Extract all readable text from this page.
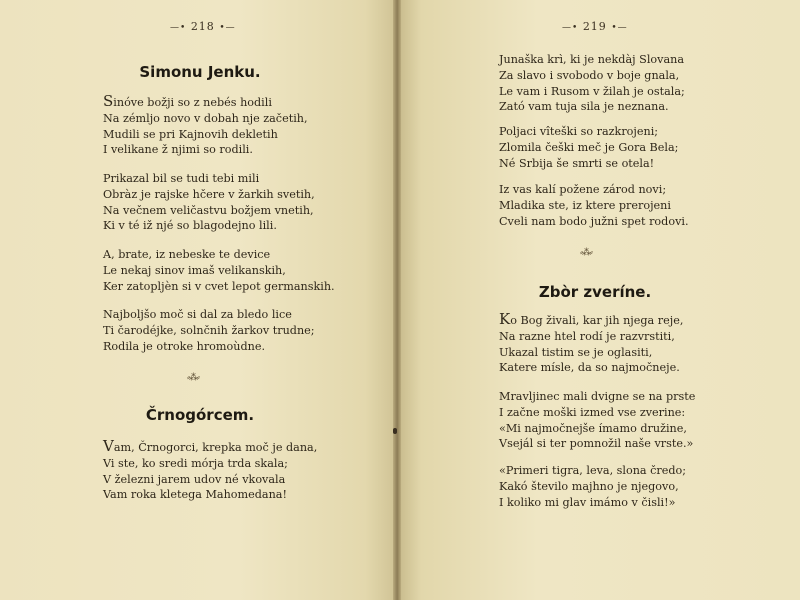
—• 218 •—
Simonu Jenku.
Sinóve božji so z nebés hodili
Na zémljo novo v dobah nje začetih,
Mudili se pri Kajnovih dekletih
I velikane ž njimi so rodili.
Prikazal bil se tudi tebi mili
Obràz je rajske hčere v žarkih svetih,
Na večnem veličastvu božjem vnetih,
Ki v té iž njé so blagodejno lili.
A, brate, iz nebeske te device
Le nekaj sinov imaš velikanskih,
Ker zatopljèn si v cvet lepot germanskih.
Najboljšo moč si dal za bledo lice
Ti čarodéjke, solnčnih žarkov trudne;
Rodila je otroke hromoùdne.
⸗⁂⸗
Črnogórcem.
Vam, Črnogorci, krepka moč je dana,
Vi ste, ko sredi mórja trda skala;
V železni jarem udov né vkovala
Vam roka kletega Mahomedana!
—• 219 •—
Junaška krì, ki je nekdàj Slovana
Za slavo i svobodo v boje gnala,
Le vam i Rusom v žilah je ostala;
Zató vam tuja sila je neznana.
Poljaci vîteški so razkrojeni;
Zlomila češki meč je Gora Bela;
Né Srbija še smrti se otela!
Iz vas kalí požene zárod novi;
Mladika ste, iz ktere prerojeni
Cveli nam bodo južni spet rodovi.
⸗⁂⸗
Zbòr zveríne.
Ko Bog živali, kar jih njega reje,
Na razne htel rodí je razvrstiti,
Ukazal tistim se je oglasiti,
Katere mísle, da so najmočneje.
Mravljinec mali dvigne se na prste
I začne moški izmed vse zverine:
«Mi najmočnejše ímamo družine,
Vsejál si ter pomnožil naše vrste.»
«Primeri tigra, leva, slona čredo;
Kakó število majhno je njegovo,
I koliko mi glav imámo v čisli!»
